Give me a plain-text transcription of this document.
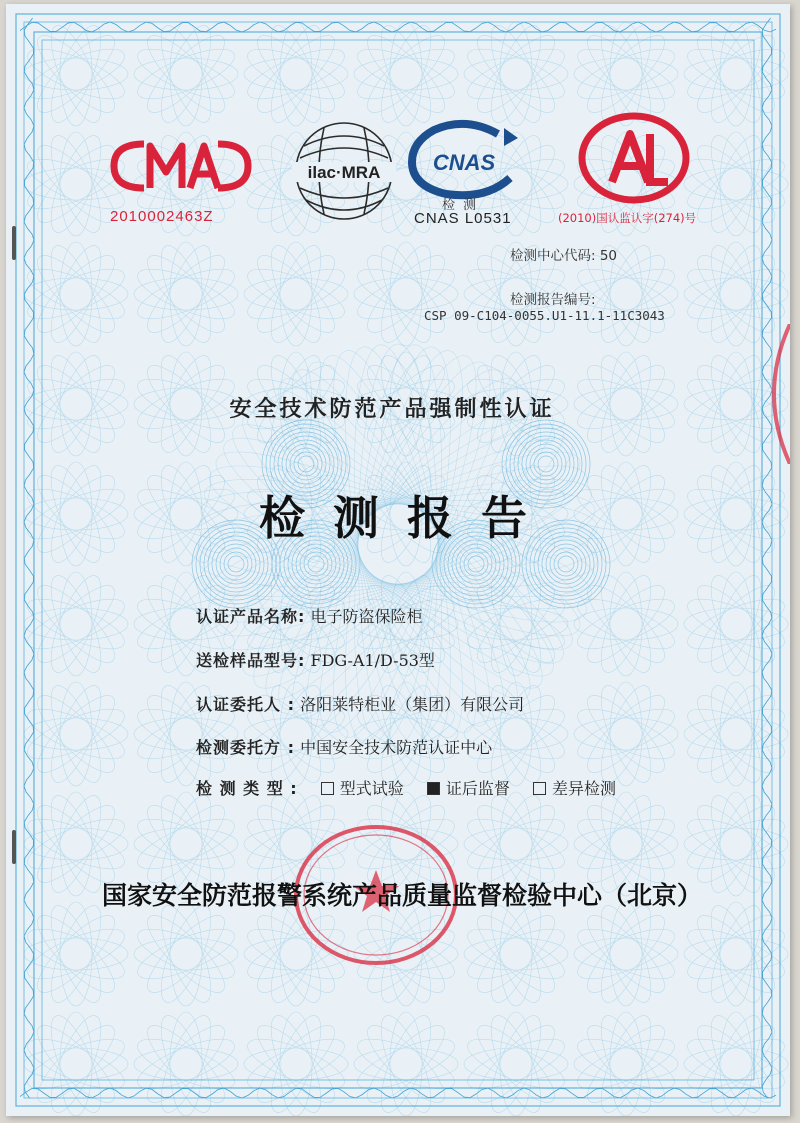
2010002463Z
ilac·MRA CNAS
检 测
CNAS L0531	(2010)国认监认字(274)号
检测中心代码: 50
检测报告编号:
CSP 09-C104-0055.U1-11.1-11C3043
安全技术防范产品强制性认证
检 测 报 告
认证产品名称: 电子防盗保险柜
送检样品型号: FDG-A1/D-53型
认证委托人 : 洛阳莱特柜业（集团）有限公司
检测委托方 : 中国安全技术防范认证中心
检 测 类 型 :	型式试验	证后监督	差异检测
国家安全防范报警系统产品质量监督检验中心（北京）
